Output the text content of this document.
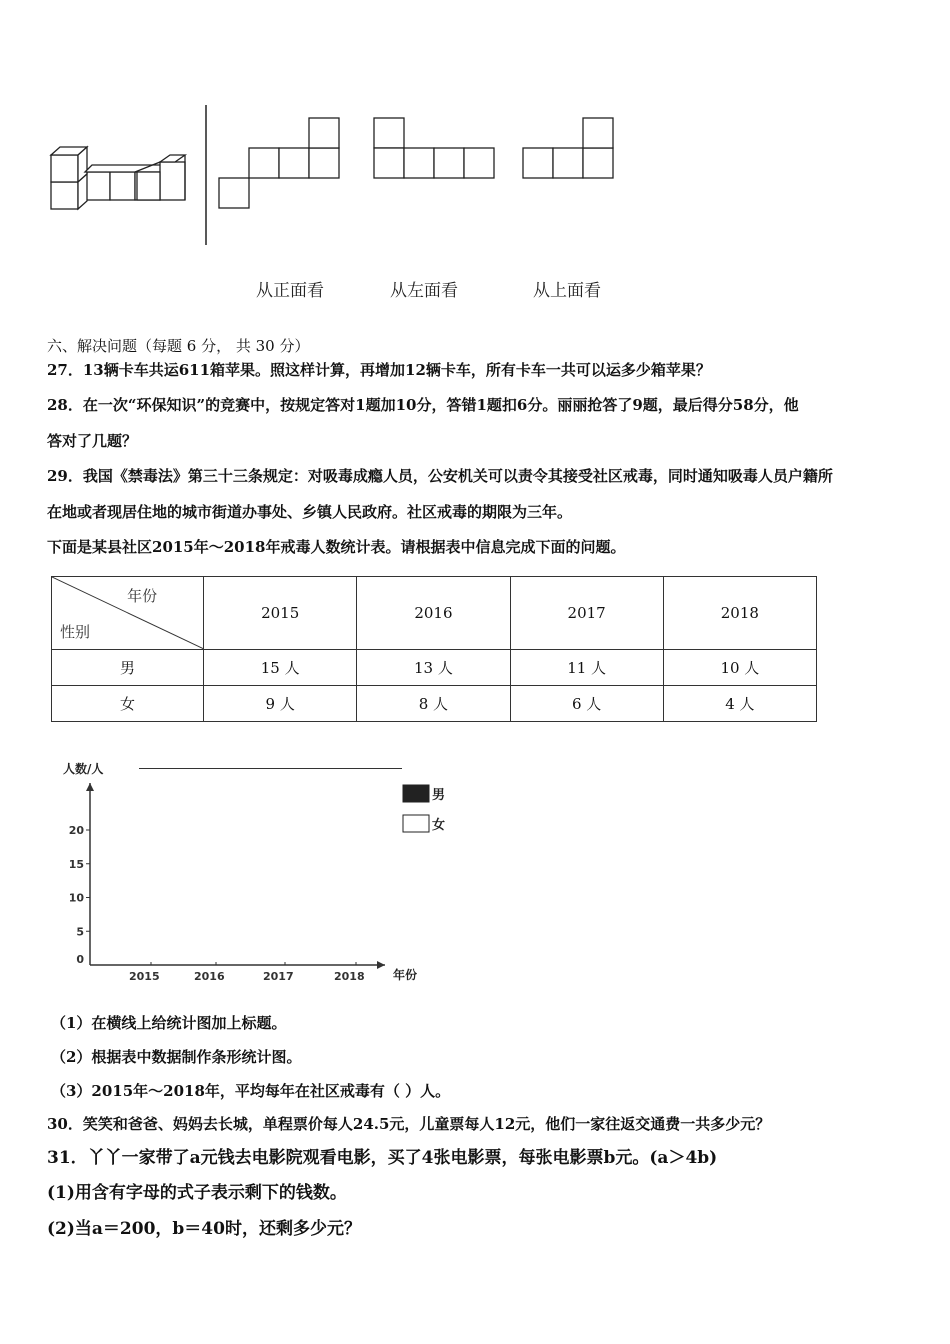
从正面看	从左面看	从上面看
六、解决问题（每题 6 分， 共 30 分）
27．13辆卡车共运611箱苹果。照这样计算，再增加12辆卡车，所有卡车一共可以运多少箱苹果？
28．在一次“环保知识”的竞赛中，按规定答对1题加10分，答错1题扣6分。丽丽抢答了9题，最后得分58分，他
答对了几题？
29．我国《禁毒法》第三十三条规定：对吸毒成瘾人员，公安机关可以责令其接受社区戒毒，同时通知吸毒人员户籍所
在地或者现居住地的城市街道办事处、乡镇人民政府。社区戒毒的期限为三年。
下面是某县社区2015年～2018年戒毒人数统计表。请根据表中信息完成下面的问题。
年份
性别	2015	2016	2017	2018
男	15 人	13 人	11 人	10 人
女	9 人	8 人	6 人	4 人
人数/人
年份
0
5
10
15
20
2015	2016	2017	2018
男
女
（1）在横线上给统计图加上标题。
（2）根据表中数据制作条形统计图。
（3）2015年～2018年，平均每年在社区戒毒有（ ）人。
30．笑笑和爸爸、妈妈去长城，单程票价每人24.5元，儿童票每人12元，他们一家往返交通费一共多少元？
31．丫丫一家带了a元钱去电影院观看电影，买了4张电影票，每张电影票b元。(a＞4b)
(1)用含有字母的式子表示剩下的钱数。
(2)当a＝200，b＝40时，还剩多少元？
